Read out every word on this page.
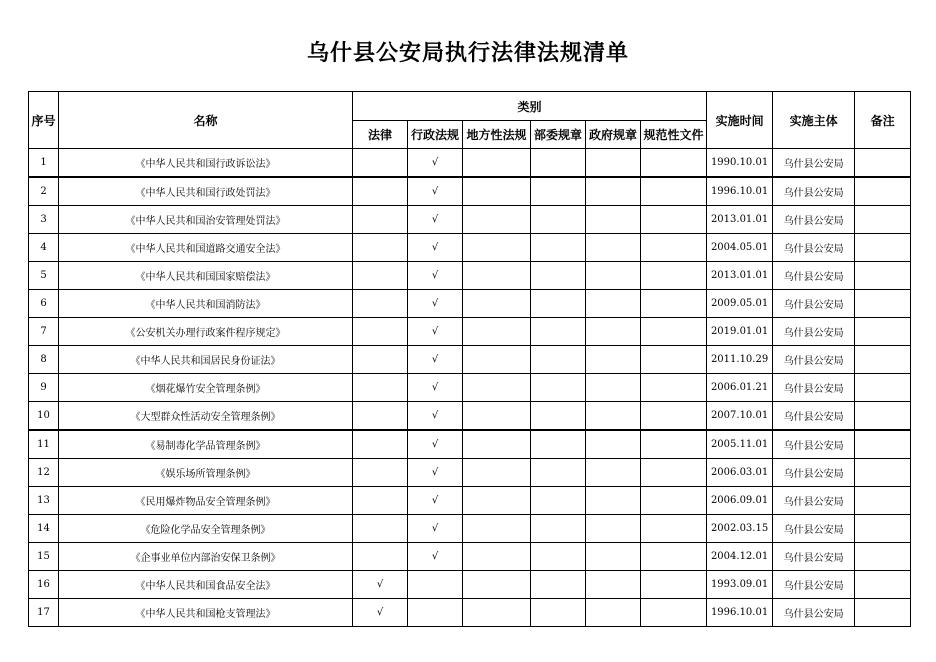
乌什县公安局执行法律法规清单
序号	名称	类别						实施时间	实施主体	备注
		法律	行政法规	地方性法规	部委规章	政府规章	规范性文件			
1	《中华人民共和国行政诉讼法》		√					1990.10.01	乌什县公安局	
2	《中华人民共和国行政处罚法》		√					1996.10.01	乌什县公安局	
3	《中华人民共和国治安管理处罚法》		√					2013.01.01	乌什县公安局	
4	《中华人民共和国道路交通安全法》		√					2004.05.01	乌什县公安局	
5	《中华人民共和国国家赔偿法》		√					2013.01.01	乌什县公安局	
6	《中华人民共和国消防法》		√					2009.05.01	乌什县公安局	
7	《公安机关办理行政案件程序规定》		√					2019.01.01	乌什县公安局	
8	《中华人民共和国居民身份证法》		√					2011.10.29	乌什县公安局	
9	《烟花爆竹安全管理条例》		√					2006.01.21	乌什县公安局	
10	《大型群众性活动安全管理条例》		√					2007.10.01	乌什县公安局	
11	《易制毒化学品管理条例》		√					2005.11.01	乌什县公安局	
12	《娱乐场所管理条例》		√					2006.03.01	乌什县公安局	
13	《民用爆炸物品安全管理条例》		√					2006.09.01	乌什县公安局	
14	《危险化学品安全管理条例》		√					2002.03.15	乌什县公安局	
15	《企事业单位内部治安保卫条例》		√					2004.12.01	乌什县公安局	
16	《中华人民共和国食品安全法》	√						1993.09.01	乌什县公安局	
17	《中华人民共和国枪支管理法》	√						1996.10.01	乌什县公安局	
